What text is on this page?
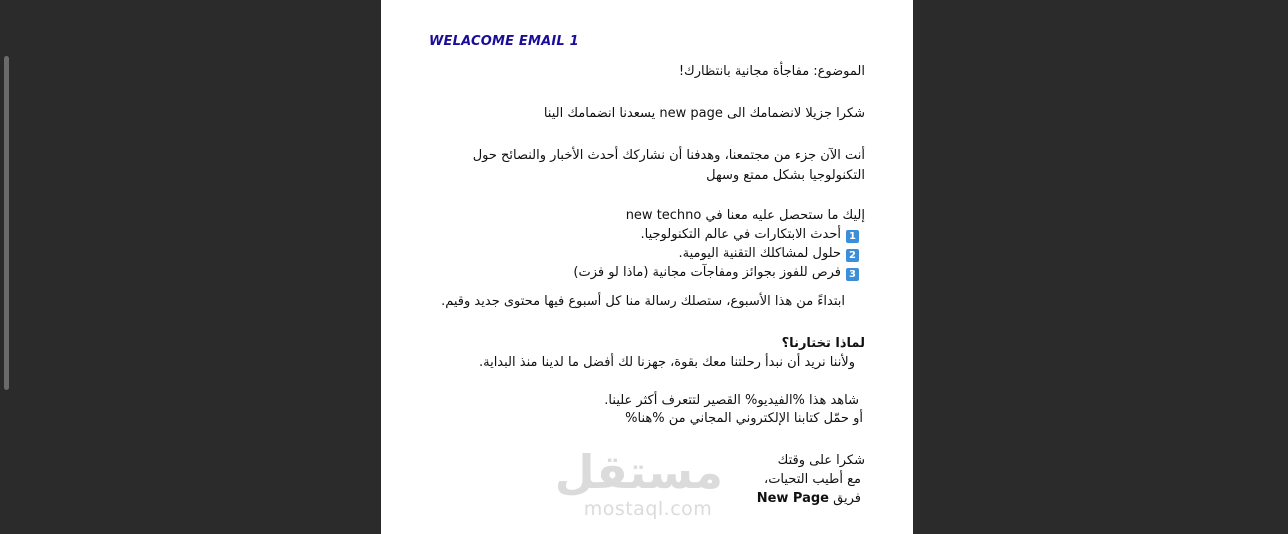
WELACOME EMAIL 1
الموضوع: مفاجأة مجانية بانتظارك!
شكرا جزيلا لانضمامك الى new page يسعدنا انضمامك الينا
أنت الآن جزء من مجتمعنا، وهدفنا أن نشاركك أحدث الأخبار والنصائح حول
التكنولوجيا بشكل ممتع وسهل
إليك ما ستحصل عليه معنا في new techno
1أحدث الابتكارات في عالم التكنولوجيا.
2حلول لمشاكلك التقنية اليومية.
3فرص للفوز بجوائز ومفاجآت مجانية (ماذا لو فزت)
ابتداءً من هذا الأسبوع، ستصلك رسالة منا كل أسبوع فيها محتوى جديد وقيم.
لماذا تختارنا؟
ولأننا نريد أن نبدأ رحلتنا معك بقوة، جهزنا لك أفضل ما لدينا منذ البداية.
شاهد هذا %الفيديو% القصير لتتعرف أكثر علينا.
أو حمّل كتابنا الإلكتروني المجاني من %هنا%
شكرا على وقتك
مع أطيب التحيات،
فريق New Page
مستقل
mostaql.com
